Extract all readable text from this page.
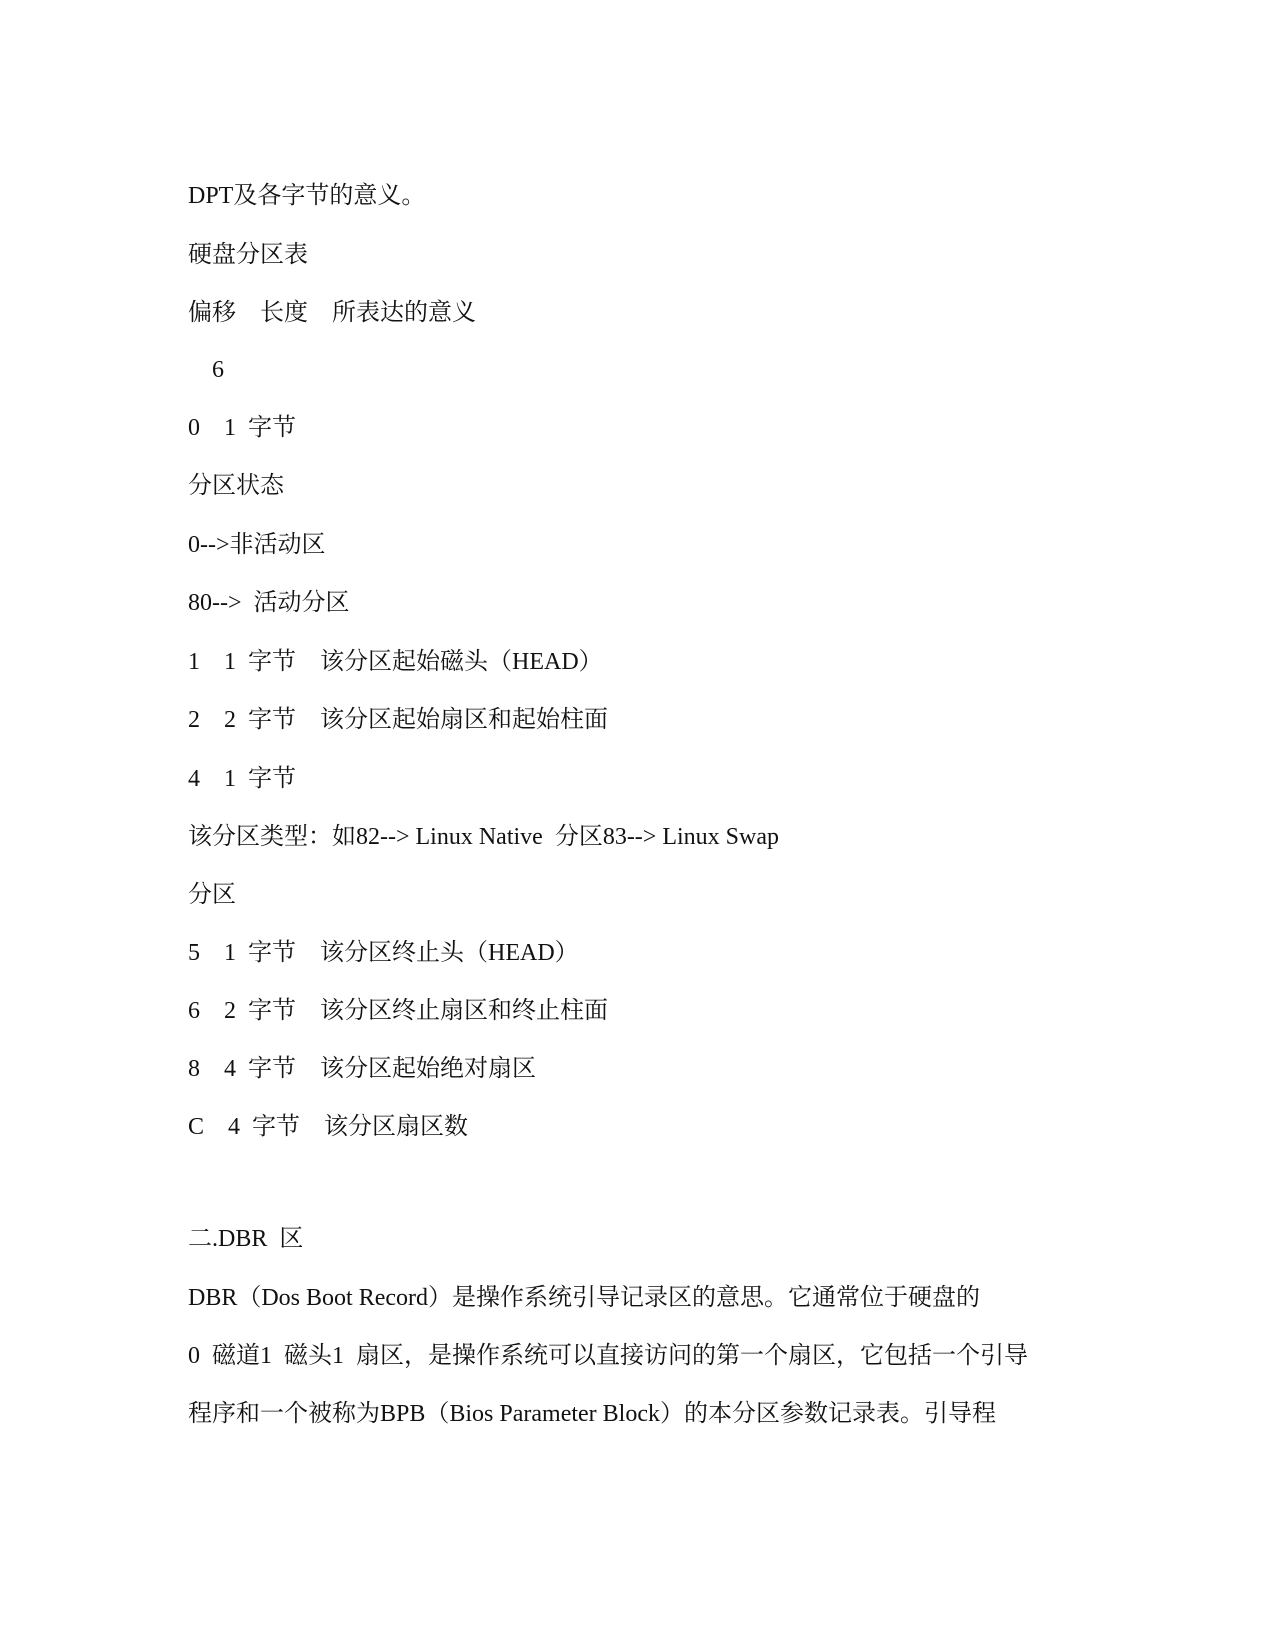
DPT及各字节的意义。
硬盘分区表
偏移    长度    所表达的意义
6
0    1  字节
分区状态
0-->非活动区
80-->  活动分区
1    1  字节    该分区起始磁头（HEAD）
2    2  字节    该分区起始扇区和起始柱面
4    1  字节
该分区类型：如82--> Linux Native  分区83--> Linux Swap
分区
5    1  字节    该分区终止头（HEAD）
6    2  字节    该分区终止扇区和终止柱面
8    4  字节    该分区起始绝对扇区
C    4  字节    该分区扇区数
二.DBR  区
DBR（Dos Boot Record）是操作系统引导记录区的意思。它通常位于硬盘的
0  磁道1  磁头1  扇区，是操作系统可以直接访问的第一个扇区，它包括一个引导
程序和一个被称为BPB（Bios Parameter Block）的本分区参数记录表。引导程
